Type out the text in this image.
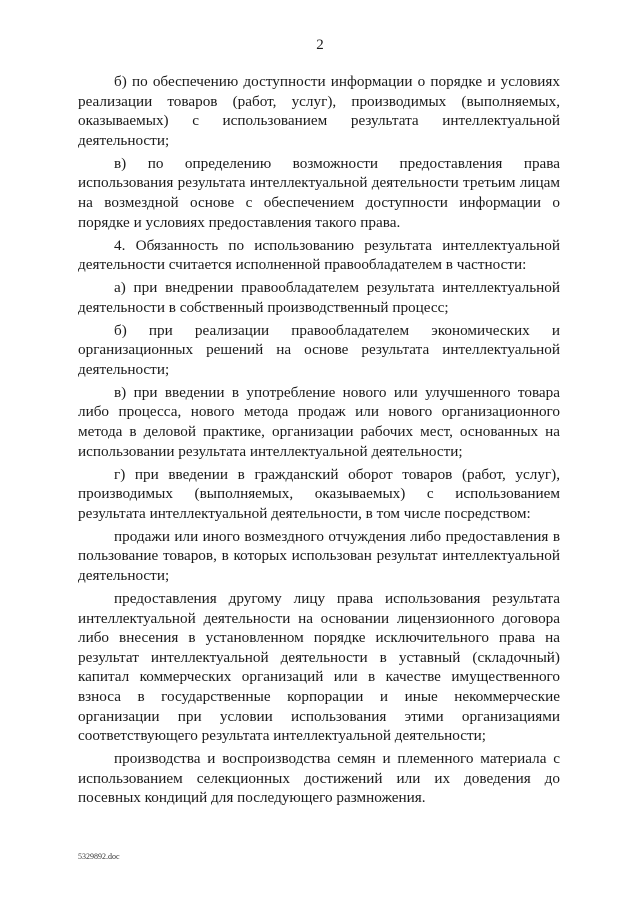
2

б) по обеспечению доступности информации о порядке и условиях реализации товаров (работ, услуг), производимых (выполняемых, оказываемых) с использованием результата интеллектуальной деятельности;

в) по определению возможности предоставления права использования результата интеллектуальной деятельности третьим лицам на возмездной основе с обеспечением доступности информации о порядке и условиях предоставления такого права.

4. Обязанность по использованию результата интеллектуальной деятельности считается исполненной правообладателем в частности:

а) при внедрении правообладателем результата интеллектуальной деятельности в собственный производственный процесс;

б) при реализации правообладателем экономических и организационных решений на основе результата интеллектуальной деятельности;

в) при введении в употребление нового или улучшенного товара либо процесса, нового метода продаж или нового организационного метода в деловой практике, организации рабочих мест, основанных на использовании результата интеллектуальной деятельности;

г) при введении в гражданский оборот товаров (работ, услуг), производимых (выполняемых, оказываемых) с использованием результата интеллектуальной деятельности, в том числе посредством:

продажи или иного возмездного отчуждения либо предоставления в пользование товаров, в которых использован результат интеллектуальной деятельности;

предоставления другому лицу права использования результата интеллектуальной деятельности на основании лицензионного договора либо внесения в установленном порядке исключительного права на результат интеллектуальной деятельности в уставный (складочный) капитал коммерческих организаций или в качестве имущественного взноса в государственные корпорации и иные некоммерческие организации при условии использования этими организациями соответствующего результата интеллектуальной деятельности;

производства и воспроизводства семян и племенного материала с использованием селекционных достижений или их доведения до посевных кондиций для последующего размножения.

5329892.doc
